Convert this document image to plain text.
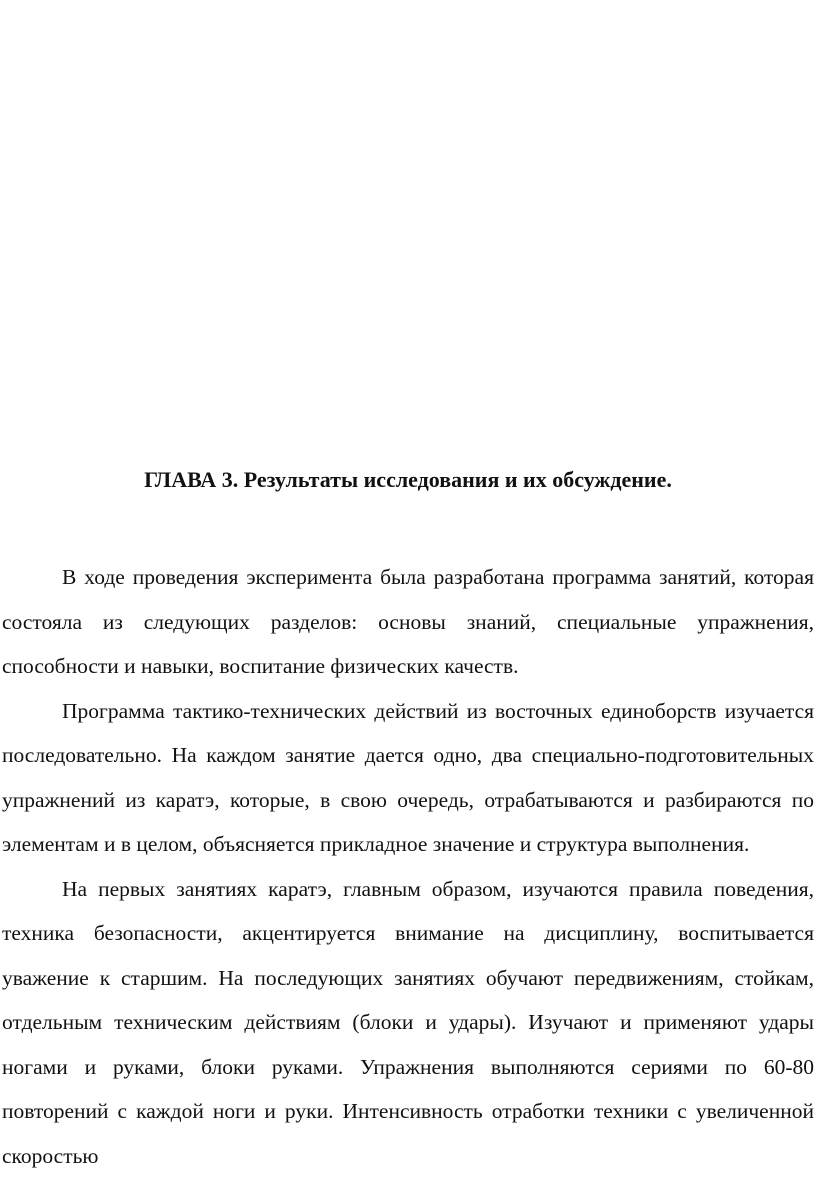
ГЛАВА 3. Результаты исследования и их обсуждение.

В ходе проведения эксперимента была разработана программа занятий, которая состояла из следующих разделов: основы знаний, специальные упражнения, способности и навыки, воспитание физических качеств.

Программа тактико-технических действий из восточных единоборств изучается последовательно. На каждом занятие дается одно, два специально-подготовительных упражнений из каратэ, которые, в свою очередь, отрабатываются и разбираются по элементам и в целом, объясняется прикладное значение и структура выполнения.

На первых занятиях каратэ, главным образом, изучаются правила поведения, техника безопасности, акцентируется внимание на дисциплину, воспитывается уважение к старшим. На последующих занятиях обучают передвижениям, стойкам, отдельным техническим действиям (блоки и удары). Изучают и применяют удары ногами и руками, блоки руками. Упражнения выполняются сериями по 60-80 повторений с каждой ноги и руки. Интенсивность отработки техники с увеличенной скоростью
